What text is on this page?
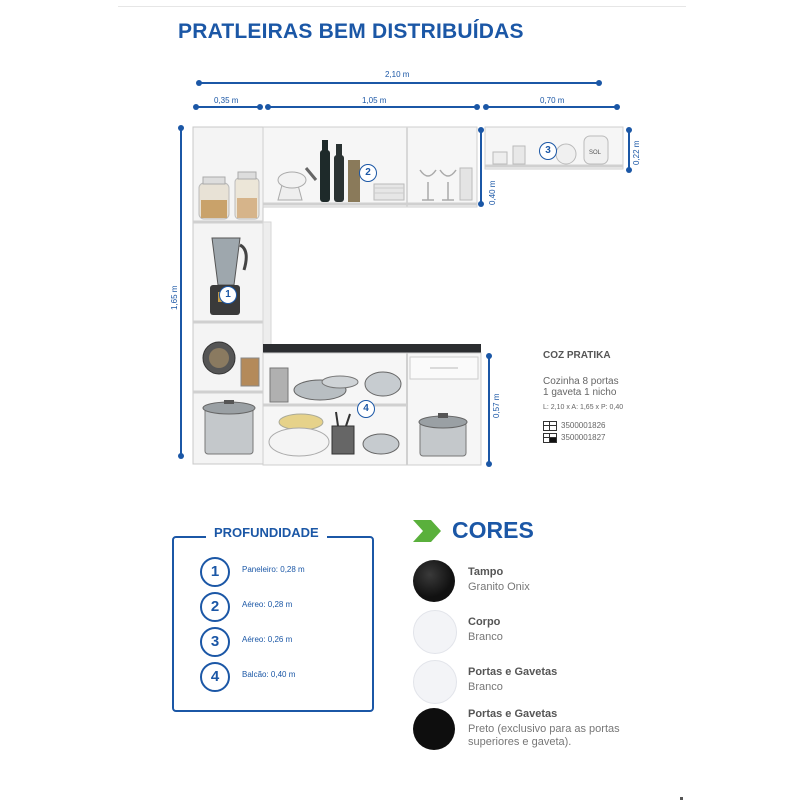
PRATLEIRAS BEM DISTRIBUÍDAS
2,10 m
0,35 m	1,05 m	0,70 m
1,65 m
0,40 m
0,22 m
0,57 m
SOL
1
2
3
4
COZ PRATIKA
Cozinha 8 portas
1 gaveta 1 nicho
L: 2,10 x A: 1,65 x P: 0,40
3500001826
3500001827
PROFUNDIDADE
1	Paneleiro: 0,28 m
2	Aéreo: 0,28 m
3	Aéreo: 0,26 m
4	Balcão: 0,40 m
CORES
Tampo
Granito Onix
Corpo
Branco
Portas e Gavetas
Branco
Portas e Gavetas
Preto (exclusivo para as portas superiores e gaveta).
